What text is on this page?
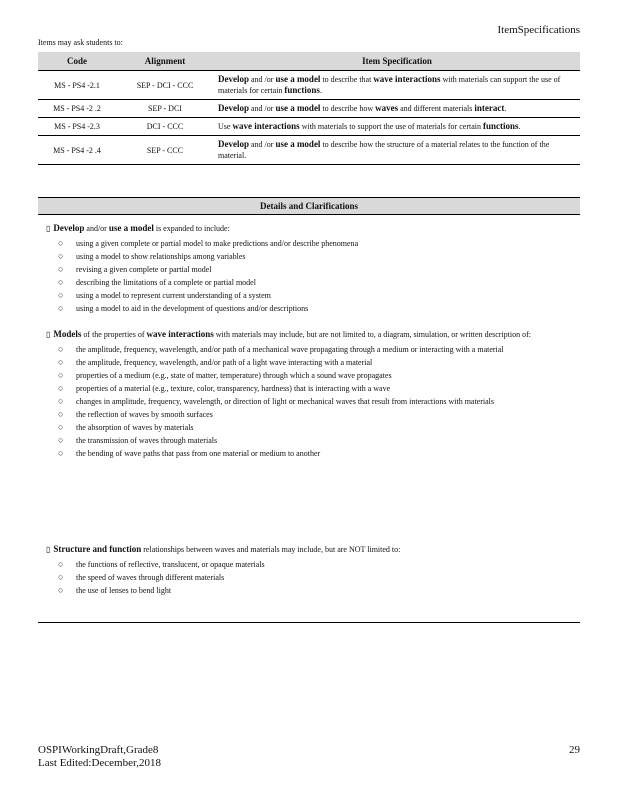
ItemSpecifications
Items may ask students to:
Code	Alignment	Item Specification
MS - PS4 -2.1	SEP - DCI - CCC	Develop and /or use a model to describe that wave interactions with materials can support the use of materials for certain functions.
MS - PS4 -2 .2	SEP - DCI	Develop and /or use a model to describe how waves and different materials interact.
MS - PS4 -2.3	DCI - CCC	Use wave interactions with materials to support the use of materials for certain functions.
MS - PS4 -2 .4	SEP - CCC	Develop and /or use a model to describe how the structure of a material relates to the function of the material.
Details and Clarifications
▯ Develop and/or use a model is expanded to include:
○ using a given complete or partial model to make predictions and/or describe phenomena
○ using a model to show relationships among variables
○ revising a given complete or partial model
○ describing the limitations of a complete or partial model
○ using a model to represent current understanding of a system
○ using a model to aid in the development of questions and/or descriptions
▯ Models of the properties of wave interactions with materials may include, but are not limited to, a diagram, simulation, or written description of:
○ the amplitude, frequency, wavelength, and/or path of a mechanical wave propagating through a medium or interacting with a material
○ the amplitude, frequency, wavelength, and/or path of a light wave interacting with a material
○ properties of a medium (e.g., state of matter, temperature) through which a sound wave propagates
○ properties of a material (e.g., texture, color, transparency, hardness) that is interacting with a wave
○ changes in amplitude, frequency, wavelength, or direction of light or mechanical waves that result from interactions with materials
○ the reflection of waves by smooth surfaces
○ the absorption of waves by materials
○ the transmission of waves through materials
○ the bending of wave paths that pass from one material or medium to another
▯ Structure and function relationships between waves and materials may include, but are NOT limited to:
○ the functions of reflective, translucent, or opaque materials
○ the speed of waves through different materials
○ the use of lenses to bend light
OSPIWorkingDraft,Grade8
Last Edited:December,2018
29
